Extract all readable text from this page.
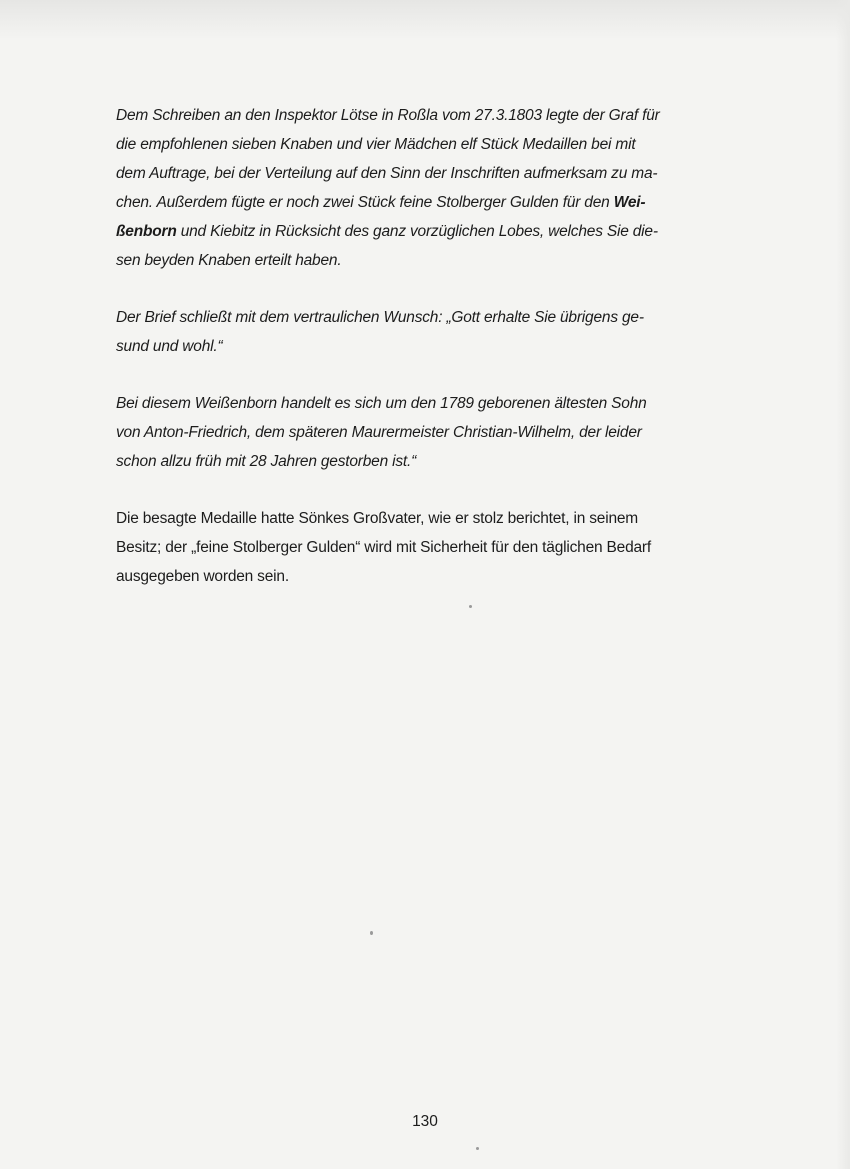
Dem Schreiben an den Inspektor Lötse in Roßla vom 27.3.1803 legte der Graf für
die empfohlenen sieben Knaben und vier Mädchen elf Stück Medaillen bei mit
dem Auftrage, bei der Verteilung auf den Sinn der Inschriften aufmerksam zu ma-
chen. Außerdem fügte er noch zwei Stück feine Stolberger Gulden für den Wei-
ßenborn und Kiebitz in Rücksicht des ganz vorzüglichen Lobes, welches Sie die-
sen beyden Knaben erteilt haben.

Der Brief schließt mit dem vertraulichen Wunsch: „Gott erhalte Sie übrigens ge-
sund und wohl.“

Bei diesem Weißenborn handelt es sich um den 1789 geborenen ältesten Sohn
von Anton-Friedrich, dem späteren Maurermeister Christian-Wilhelm, der leider
schon allzu früh mit 28 Jahren gestorben ist.“

Die besagte Medaille hatte Sönkes Großvater, wie er stolz berichtet, in seinem
Besitz; der „feine Stolberger Gulden“ wird mit Sicherheit für den täglichen Bedarf
ausgegeben worden sein.

130
